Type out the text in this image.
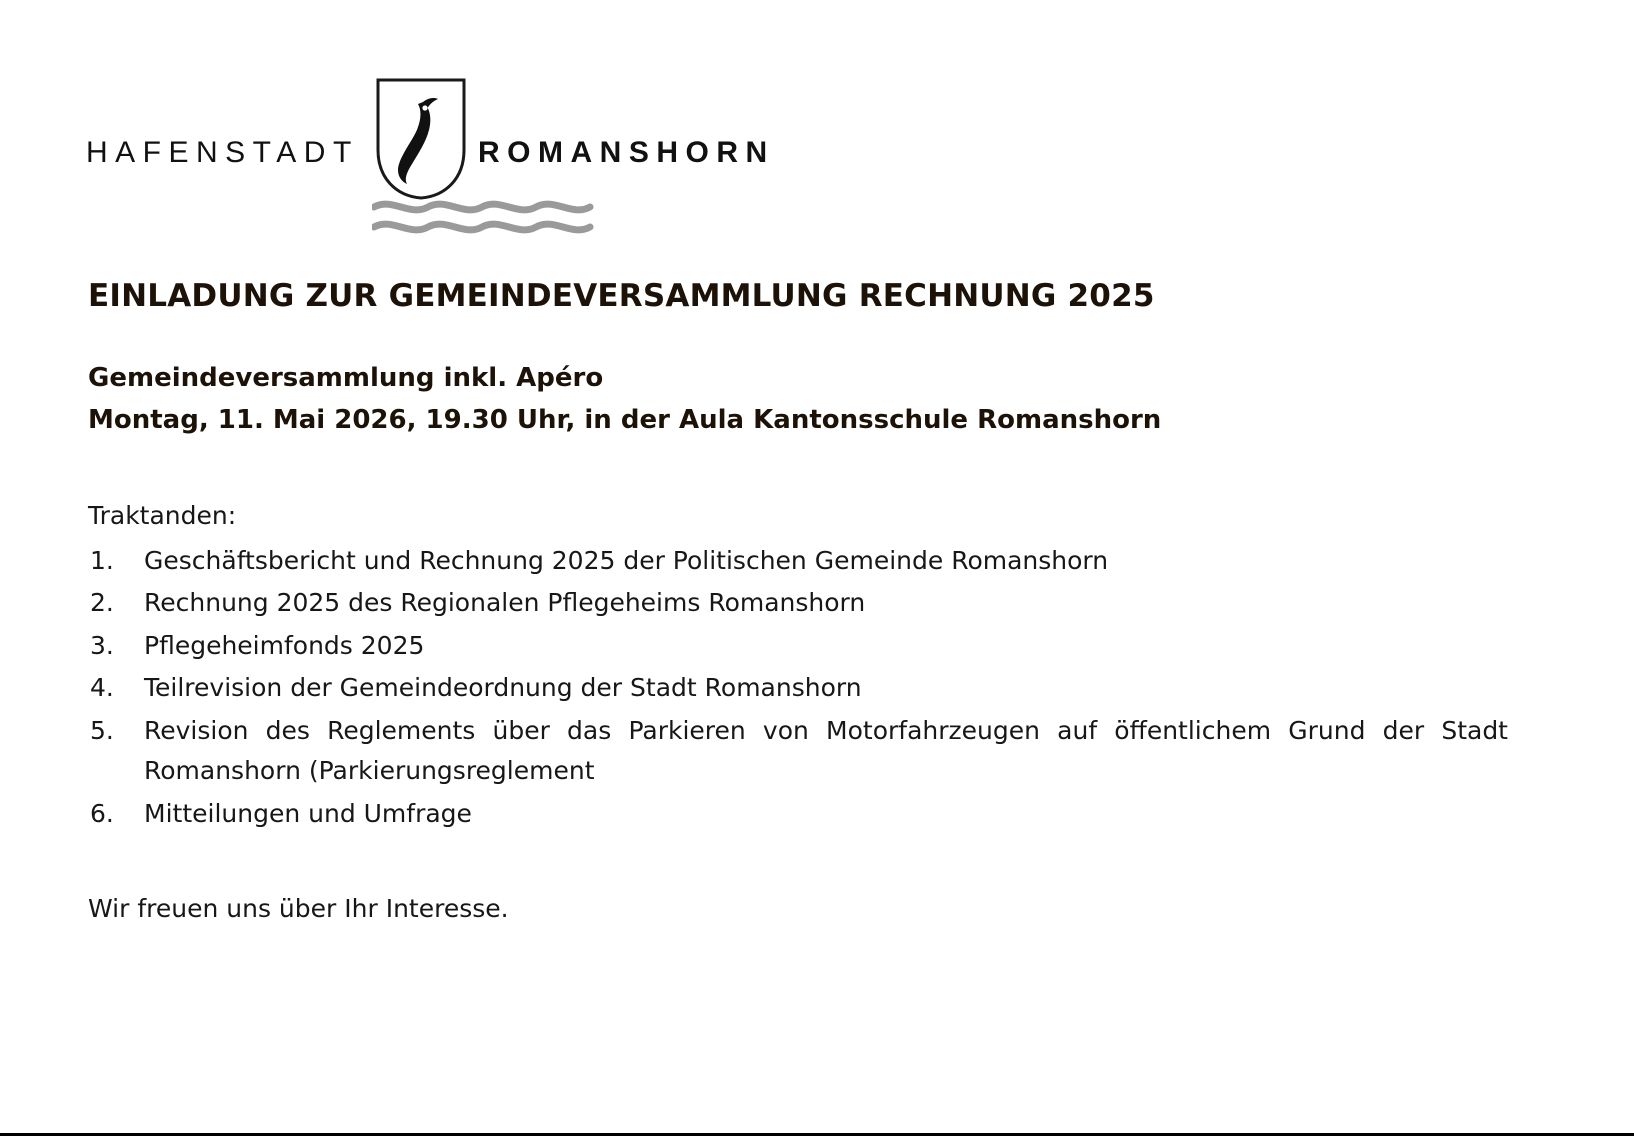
HAFENSTADT	ROMANSHORN
EINLADUNG ZUR GEMEINDEVERSAMMLUNG RECHNUNG 2025
Gemeindeversammlung inkl. Apéro
Montag, 11. Mai 2026, 19.30 Uhr, in der Aula Kantonsschule Romanshorn
Traktanden:
1.	Geschäftsbericht und Rechnung 2025 der Politischen Gemeinde Romanshorn
2.	Rechnung 2025 des Regionalen Pflegeheims Romanshorn
3.	Pflegeheimfonds 2025
4.	Teilrevision der Gemeindeordnung der Stadt Romanshorn
5.	Revision des Reglements über das Parkieren von Motorfahrzeugen auf öffentlichem Grund der Stadt Romanshorn (Parkierungsreglement
6.	Mitteilungen und Umfrage
Wir freuen uns über Ihr Interesse.
